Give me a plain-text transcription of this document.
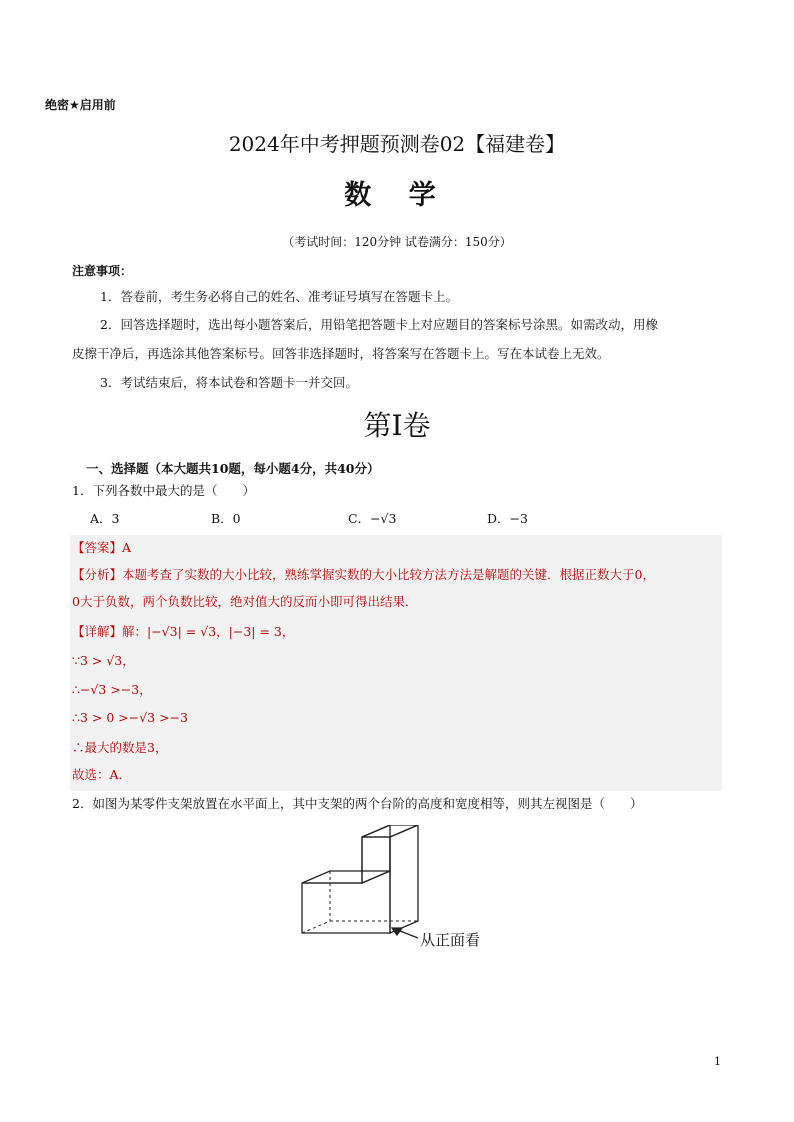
绝密★启用前
2024年中考押题预测卷02【福建卷】
数 学
（考试时间：120分钟 试卷满分：150分）
注意事项：
1．答卷前，考生务必将自己的姓名、准考证号填写在答题卡上。
2．回答选择题时，选出每小题答案后，用铅笔把答题卡上对应题目的答案标号涂黑。如需改动，用橡
皮擦干净后，再选涂其他答案标号。回答非选择题时，将答案写在答题卡上。写在本试卷上无效。
3．考试结束后，将本试卷和答题卡一并交回。
第Ⅰ卷
一、选择题（本大题共10题，每小题4分，共40分）
1．下列各数中最大的是（　　）
A．3	B．0	C．−√3	D．−3
【答案】A
【分析】本题考查了实数的大小比较，熟练掌握实数的大小比较方法方法是解题的关键．根据正数大于0，
0大于负数，两个负数比较，绝对值大的反而小即可得出结果．
【详解】解：|−√3| = √3，|−3| = 3，
∵3 > √3，
∴−√3 >−3，
∴3 > 0 >−√3 >−3
∴最大的数是3，
故选：A．
2．如图为某零件支架放置在水平面上，其中支架的两个台阶的高度和宽度相等，则其左视图是（　　）
从正面看
1
